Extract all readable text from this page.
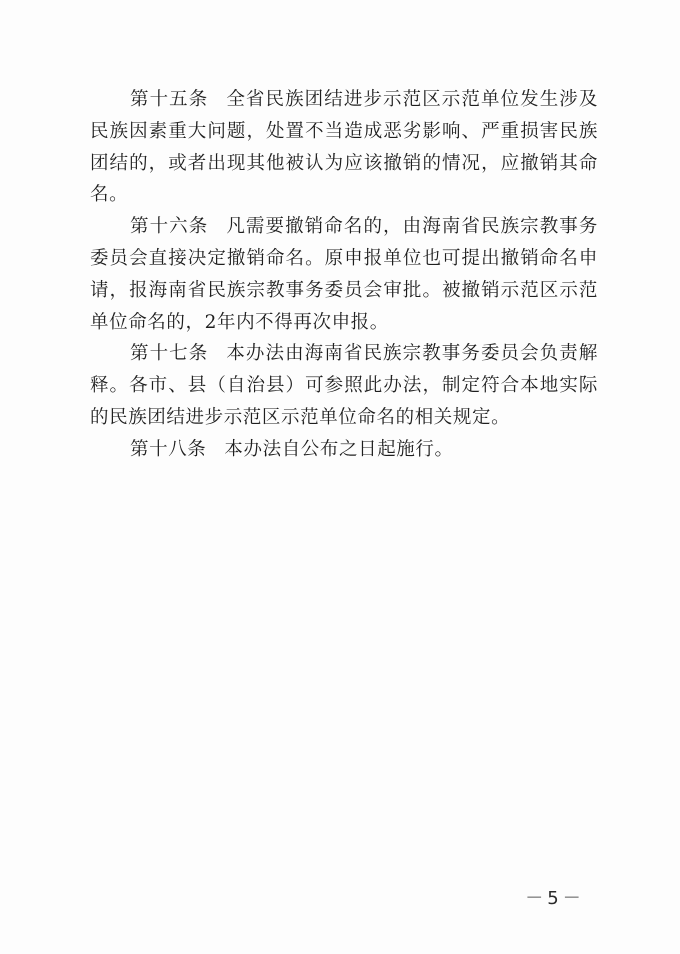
第十五条 全省民族团结进步示范区示范单位发生涉及民族因素重大问题，处置不当造成恶劣影响、严重损害民族团结的，或者出现其他被认为应该撤销的情况，应撤销其命名。

第十六条 凡需要撤销命名的，由海南省民族宗教事务委员会直接决定撤销命名。原申报单位也可提出撤销命名申请，报海南省民族宗教事务委员会审批。被撤销示范区示范单位命名的，2年内不得再次申报。

第十七条 本办法由海南省民族宗教事务委员会负责解释。各市、县（自治县）可参照此办法，制定符合本地实际的民族团结进步示范区示范单位命名的相关规定。

第十八条 本办法自公布之日起施行。

－5－
